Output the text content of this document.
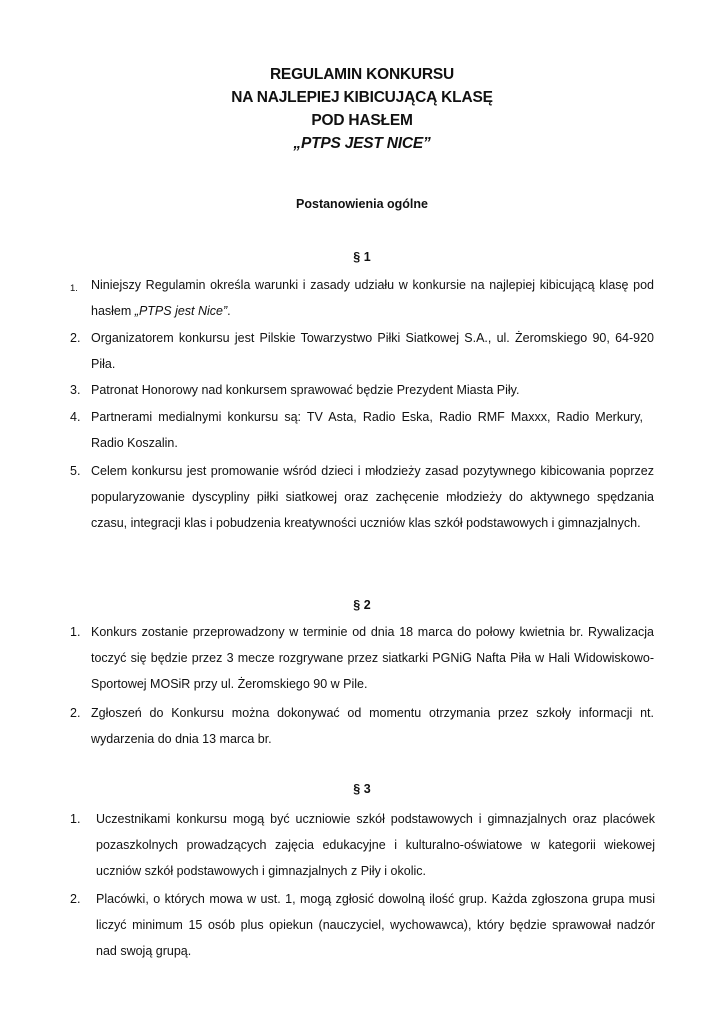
REGULAMIN KONKURSU
NA NAJLEPIEJ KIBICUJĄCĄ KLASĘ
POD HASŁEM
„PTPS JEST NICE”
Postanowienia ogólne
§ 1
1. Niniejszy Regulamin określa warunki i zasady udziału w konkursie na najlepiej kibicującą klasę pod hasłem „PTPS jest Nice”.
2. Organizatorem konkursu jest Pilskie Towarzystwo Piłki Siatkowej S.A., ul. Żeromskiego 90, 64-920 Piła.
3. Patronat Honorowy nad konkursem sprawować będzie Prezydent Miasta Piły.
4. Partnerami medialnymi konkursu są: TV Asta, Radio Eska, Radio RMF Maxxx, Radio Merkury, Radio Koszalin.
5. Celem konkursu jest promowanie wśród dzieci i młodzieży zasad pozytywnego kibicowania poprzez popularyzowanie dyscypliny piłki siatkowej oraz zachęcenie młodzieży do aktywnego spędzania czasu, integracji klas i pobudzenia kreatywności uczniów klas szkół podstawowych i gimnazjalnych.
§ 2
1. Konkurs zostanie przeprowadzony w terminie od dnia 18 marca do połowy kwietnia br. Rywalizacja toczyć się będzie przez 3 mecze rozgrywane przez siatkarki PGNiG Nafta Piła w Hali Widowiskowo-Sportowej MOSiR przy ul. Żeromskiego 90 w Pile.
2. Zgłoszeń do Konkursu można dokonywać od momentu otrzymania przez szkoły informacji nt. wydarzenia do dnia 13 marca br.
§ 3
1. Uczestnikami konkursu mogą być uczniowie szkół podstawowych i gimnazjalnych oraz placówek pozaszkolnych prowadzących zajęcia edukacyjne i kulturalno-oświatowe w kategorii wiekowej uczniów szkół podstawowych i gimnazjalnych z Piły i okolic.
2. Placówki, o których mowa w ust. 1, mogą zgłosić dowolną ilość grup. Każda zgłoszona grupa musi liczyć minimum 15 osób plus opiekun (nauczyciel, wychowawca), który będzie sprawował nadzór nad swoją grupą.
